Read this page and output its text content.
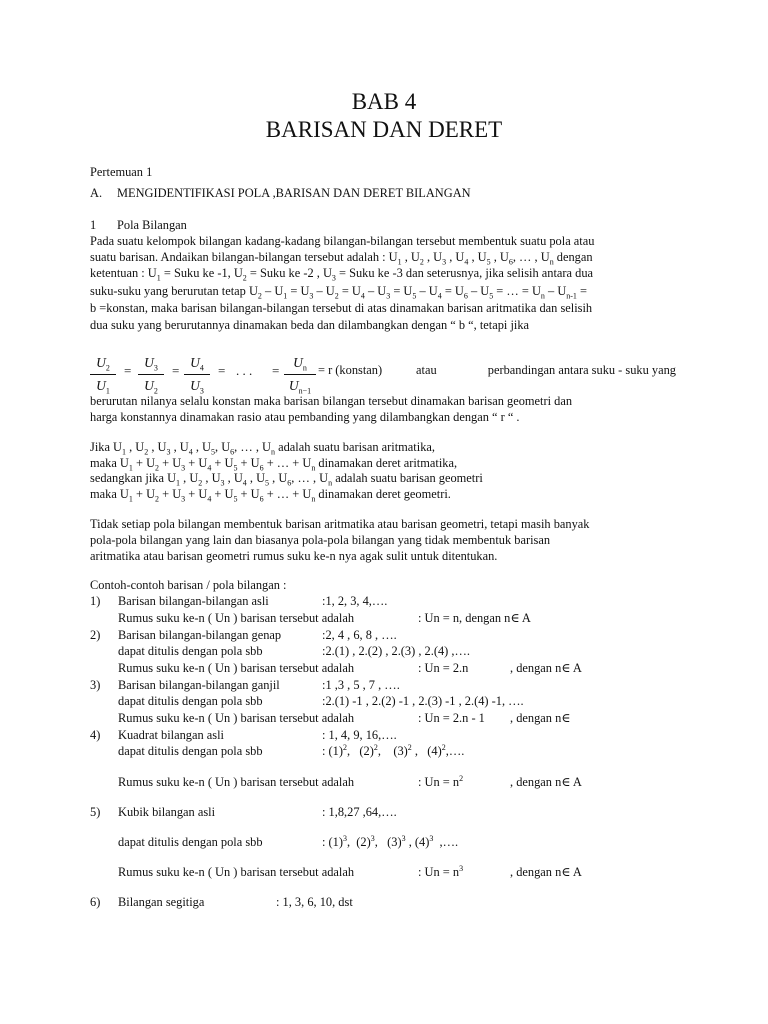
BAB 4
BARISAN DAN DERET
Pertemuan 1
A. MENGIDENTIFIKASI POLA ,BARISAN DAN DERET BILANGAN
1 Pola Bilangan
Pada suatu kelompok bilangan kadang-kadang bilangan-bilangan tersebut membentuk suatu pola atau
suatu barisan. Andaikan bilangan-bilangan tersebut adalah : $U_1$ , $U_2$ , $U_3$ , $U_4$ , $U_5$ , $U_6$, … , $U_n$ dengan
ketentuan : $U_1$ = Suku ke -1, $U_2$ = Suku ke -2 , $U_3$ = Suku ke -3 dan seterusnya, jika selisih antara dua
suku-suku yang berurutan tetap $U_2 - U_1 = U_3 - U_2 = U_4 - U_3 = U_5 - U_4 = U_6 - U_5$ = … = $U_n - U_{n-1}$ =
b =konstan, maka barisan bilangan-bilangan tersebut di atas dinamakan barisan aritmatika dan selisih
dua suku yang berurutannya dinamakan beda dan dilambangkan dengan “ b “, tetapi jika
$U_2$
$U_1$
=
$U_3$
$U_2$
=
$U_4$
$U_3$
= . . . =
$U_n$
$U_{n-1}$
= r (konstan)	atau	perbandingan antara suku - suku yang
berurutan nilanya selalu konstan maka barisan bilangan tersebut dinamakan barisan geometri dan
harga konstannya dinamakan rasio atau pembanding yang dilambangkan dengan “ r “ .
Jika $U_1$ , $U_2$ , $U_3$ , $U_4$ , $U_5$, $U_6$, … , $U_n$ adalah suatu barisan aritmatika,
maka $U_1 + U_2 + U_3 + U_4 + U_5 + U_6$ + … + $U_n$ dinamakan deret aritmatika,
sedangkan jika $U_1$ , $U_2$ , $U_3$ , $U_4$ , $U_5$ , $U_6$, … , $U_n$ adalah suatu barisan geometri
maka $U_1 + U_2 + U_3 + U_4 + U_5 + U_6$ + … + $U_n$ dinamakan deret geometri.
Tidak setiap pola bilangan membentuk barisan aritmatika atau barisan geometri, tetapi masih banyak
pola-pola bilangan yang lain dan biasanya pola-pola bilangan yang tidak membentuk barisan
aritmatika atau barisan geometri rumus suku ke-n nya agak sulit untuk ditentukan.
Contoh-contoh barisan / pola bilangan :
1) Barisan bilangan-bilangan asli	:1, 2, 3, 4,….
Rumus suku ke-n ( Un ) barisan tersebut adalah	: Un = n, dengan n∈ A
2) Barisan bilangan-bilangan genap	:2, 4 , 6, 8 , ….
dapat ditulis dengan pola sbb	:2.(1) , 2.(2) , 2.(3) , 2.(4) ,….
Rumus suku ke-n ( Un ) barisan tersebut adalah	: Un = 2.n	, dengan n∈ A
3) Barisan bilangan-bilangan ganjil	:1 ,3 , 5 , 7 , ….
dapat ditulis dengan pola sbb	:2.(1) -1 , 2.(2) -1 , 2.(3) -1 , 2.(4) -1, ….
Rumus suku ke-n ( Un ) barisan tersebut adalah	: Un = 2.n - 1 , dengan n∈
4) Kuadrat bilangan asli	: 1, 4, 9, 16,….
dapat ditulis dengan pola sbb	: $(1)^2$,   $(2)^2$,    $(3)^2$ ,   $(4)^2,\dots$.
Rumus suku ke-n ( Un ) barisan tersebut adalah	: $Un = n^2$	, dengan n∈ A
5) Kubik bilangan asli	: 1,8,27 ,64,….
dapat ditulis dengan pola sbb	: $(1)^3$,  $(2)^3$,   $(3)^3$ , $(4)^3$  ,….
Rumus suku ke-n ( Un ) barisan tersebut adalah	: $Un = n^3$	, dengan n∈ A
6) Bilangan segitiga	: 1, 3, 6, 10, dst
